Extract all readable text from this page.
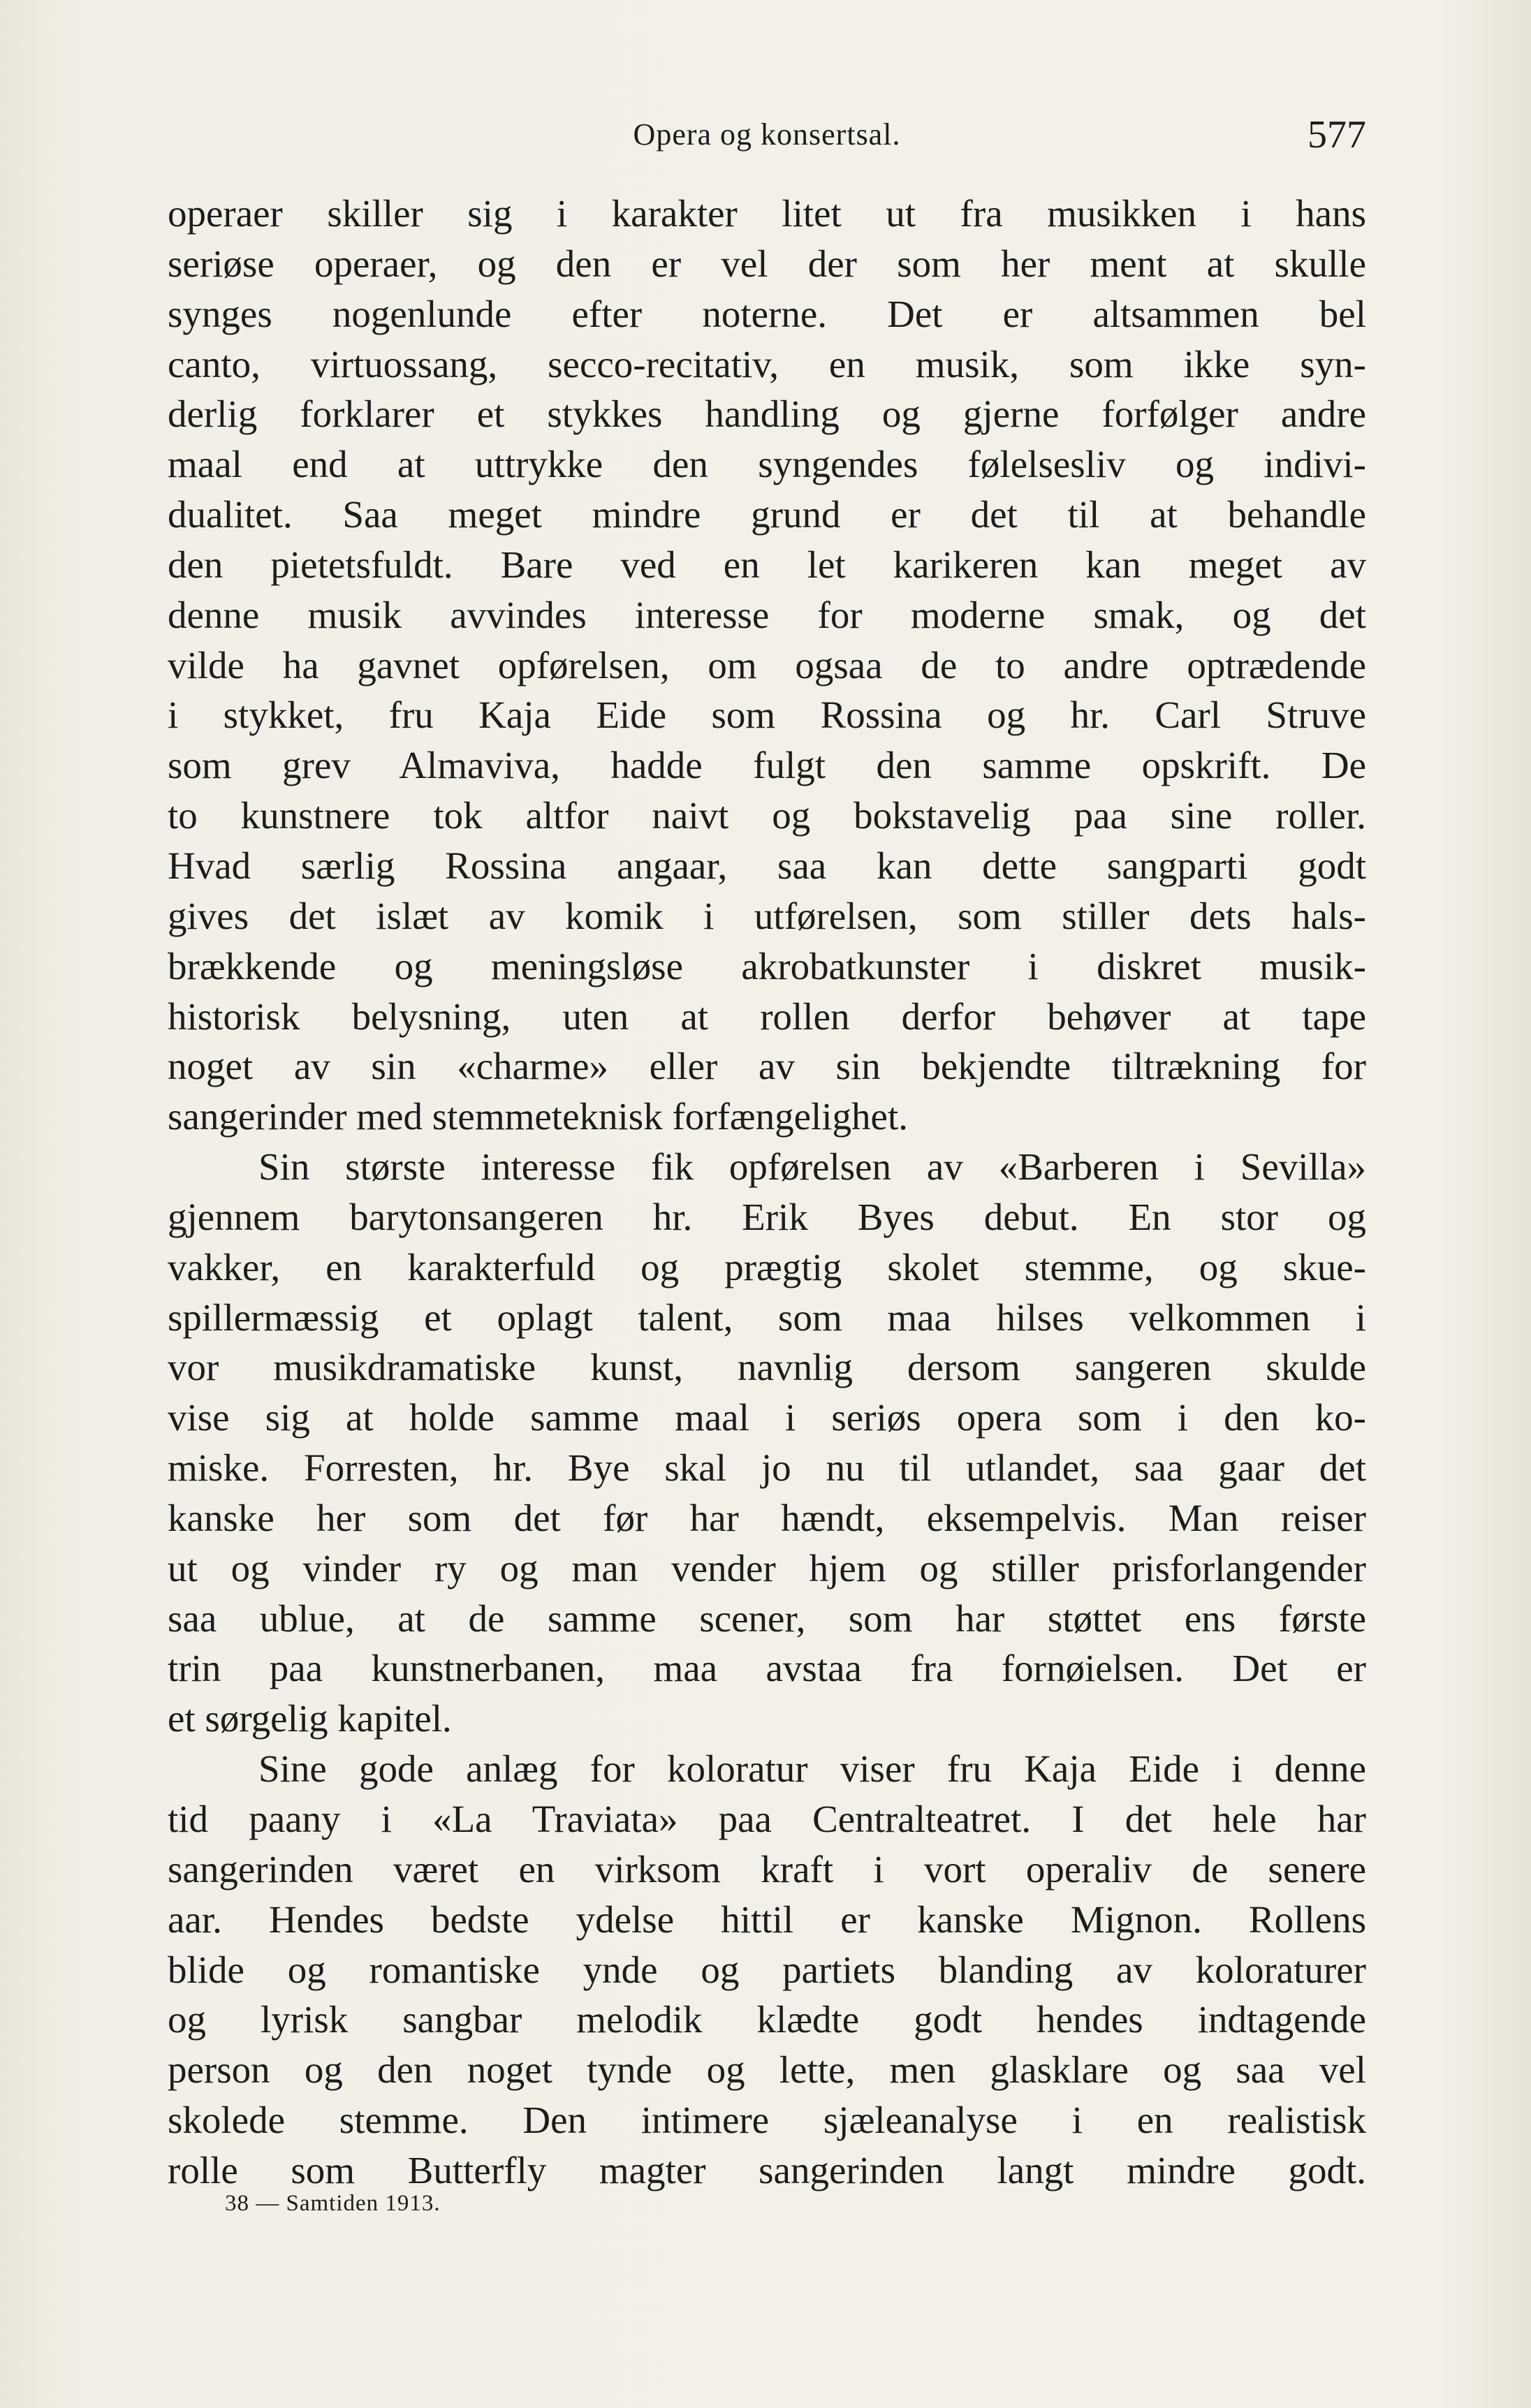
Opera og konsertsal.	577
operaer skiller sig i karakter litet ut fra musikken i hans
seriøse operaer, og den er vel der som her ment at skulle
synges nogenlunde efter noterne. Det er altsammen bel
canto, virtuossang, secco-recitativ, en musik, som ikke syn-
derlig forklarer et stykkes handling og gjerne forfølger andre
maal end at uttrykke den syngendes følelsesliv og indivi-
dualitet. Saa meget mindre grund er det til at behandle
den pietetsfuldt. Bare ved en let karikeren kan meget av
denne musik avvindes interesse for moderne smak, og det
vilde ha gavnet opførelsen, om ogsaa de to andre optrædende
i stykket, fru Kaja Eide som Rossina og hr. Carl Struve
som grev Almaviva, hadde fulgt den samme opskrift. De
to kunstnere tok altfor naivt og bokstavelig paa sine roller.
Hvad særlig Rossina angaar, saa kan dette sangparti godt
gives det islæt av komik i utførelsen, som stiller dets hals-
brækkende og meningsløse akrobatkunster i diskret musik-
historisk belysning, uten at rollen derfor behøver at tape
noget av sin «charme» eller av sin bekjendte tiltrækning for
sangerinder med stemmeteknisk forfængelighet.
Sin største interesse fik opførelsen av «Barberen i Sevilla»
gjennem barytonsangeren hr. Erik Byes debut. En stor og
vakker, en karakterfuld og prægtig skolet stemme, og skue-
spillermæssig et oplagt talent, som maa hilses velkommen i
vor musikdramatiske kunst, navnlig dersom sangeren skulde
vise sig at holde samme maal i seriøs opera som i den ko-
miske. Forresten, hr. Bye skal jo nu til utlandet, saa gaar det
kanske her som det før har hændt, eksempelvis. Man reiser
ut og vinder ry og man vender hjem og stiller prisforlangender
saa ublue, at de samme scener, som har støttet ens første
trin paa kunstnerbanen, maa avstaa fra fornøielsen. Det er
et sørgelig kapitel.
Sine gode anlæg for koloratur viser fru Kaja Eide i denne
tid paany i «La Traviata» paa Centralteatret. I det hele har
sangerinden været en virksom kraft i vort operaliv de senere
aar. Hendes bedste ydelse hittil er kanske Mignon. Rollens
blide og romantiske ynde og partiets blanding av koloraturer
og lyrisk sangbar melodik klædte godt hendes indtagende
person og den noget tynde og lette, men glasklare og saa vel
skolede stemme. Den intimere sjæleanalyse i en realistisk
rolle som Butterfly magter sangerinden langt mindre godt.
38 — Samtiden 1913.
